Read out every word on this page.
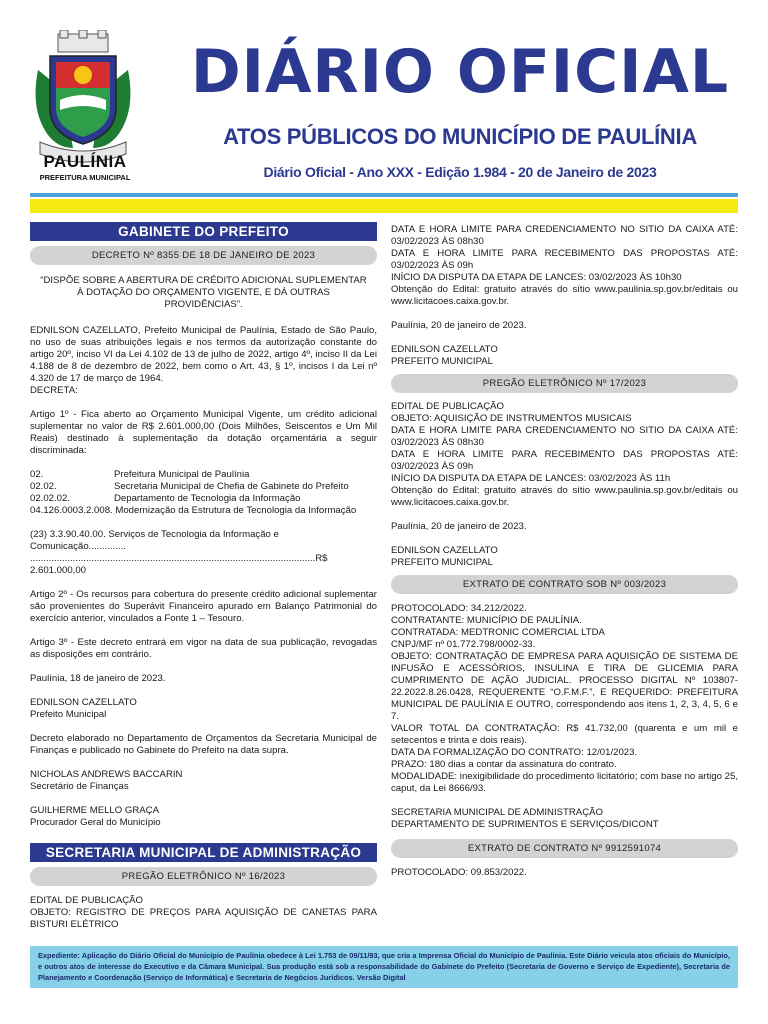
PAULÍNIA
PREFEITURA MUNICIPAL
DIÁRIO OFICIAL
ATOS PÚBLICOS DO MUNICÍPIO DE PAULÍNIA
Diário Oficial - Ano XXX - Edição 1.984 - 20 de Janeiro de 2023
GABINETE DO PREFEITO
DECRETO Nº 8355 DE 18 DE JANEIRO DE 2023

“DISPÕE SOBRE A ABERTURA DE CRÉDITO ADICIONAL SUPLEMENTAR À DOTAÇÃO DO ORÇAMENTO VIGENTE, E DÁ OUTRAS PROVIDÊNCIAS”.

EDNILSON CAZELLATO, Prefeito Municipal de Paulínia, Estado de São Paulo, no uso de suas atribuições legais e nos termos da autorização constante do artigo 20º, inciso VI da Lei 4.102 de 13 de julho de 2022, artigo 4º, inciso II da Lei 4.188 de 8 de dezembro de 2022, bem como o Art. 43, § 1º, incisos I da Lei nº 4.320 de 17 de março de 1964.

DECRETA:

Artigo 1º - Fica aberto ao Orçamento Municipal Vigente, um crédito adicional suplementar no valor de R$ 2.601.000,00 (Dois Milhões, Seiscentos e Um Mil Reais) destinado à suplementação da dotação orçamentária a seguir discriminada:

02.	Prefeitura Municipal de Paulínia
02.02.	Secretaria Municipal de Chefia de Gabinete do Prefeito
02.02.02.	Departamento de Tecnologia da Informação
04.126.0003.2.008. Modernização da Estrutura de Tecnologia da Informação
(23) 3.3.90.40.00. Serviços de Tecnologia da Informação e Comunicação..............
...........................................................................................................R$ 2.601.000,00

Artigo 2º - Os recursos para cobertura do presente crédito adicional suplementar são provenientes do Superávit Financeiro apurado em Balanço Patrimonial do exercício anterior, vinculados a Fonte 1 – Tesouro.

Artigo 3º - Este decreto entrará em vigor na data de sua publicação, revogadas as disposições em contrário.

Paulínia, 18 de janeiro de 2023.

EDNILSON CAZELLATO
Prefeito Municipal

Decreto elaborado no Departamento de Orçamentos da Secretaria Municipal de Finanças e publicado no Gabinete do Prefeito na data supra.

NICHOLAS ANDREWS BACCARIN
Secretário de Finanças
GUILHERME MELLO GRAÇA
Procurador Geral do Município
SECRETARIA MUNICIPAL DE ADMINISTRAÇÃO
PREGÃO ELETRÔNICO Nº 16/2023
EDITAL DE PUBLICAÇÃO
OBJETO: REGISTRO DE PREÇOS PARA AQUISIÇÃO DE CANETAS PARA BISTURI ELÉTRICO
DATA E HORA LIMITE PARA CREDENCIAMENTO NO SITIO DA CAIXA ATÉ: 03/02/2023 ÀS 08h30
DATA E HORA LIMITE PARA RECEBIMENTO DAS PROPOSTAS ATÉ: 03/02/2023 ÀS 09h
INÍCIO DA DISPUTA DA ETAPA DE LANCES: 03/02/2023 ÀS 10h30
Obtenção do Edital: gratuito através do sítio www.paulinia.sp.gov.br/editais ou www.licitacoes.caixa.gov.br.
Paulínia, 20 de janeiro de 2023.
EDNILSON CAZELLATO
PREFEITO MUNICIPAL
PREGÃO ELETRÔNICO Nº 17/2023
EDITAL DE PUBLICAÇÃO
OBJETO: AQUISIÇÃO DE INSTRUMENTOS MUSICAIS
DATA E HORA LIMITE PARA CREDENCIAMENTO NO SITIO DA CAIXA ATÉ: 03/02/2023 ÀS 08h30
DATA E HORA LIMITE PARA RECEBIMENTO DAS PROPOSTAS ATÉ: 03/02/2023 ÀS 09h
INÍCIO DA DISPUTA DA ETAPA DE LANCES: 03/02/2023 ÀS 11h
Obtenção do Edital: gratuito através do sítio www.paulinia.sp.gov.br/editais ou www.licitacoes.caixa.gov.br.
Paulínia, 20 de janeiro de 2023.
EDNILSON CAZELLATO
PREFEITO MUNICIPAL
EXTRATO DE CONTRATO SOB Nº 003/2023
PROTOCOLADO: 34.212/2022.
CONTRATANTE: MUNICÍPIO DE PAULÍNIA.
CONTRATADA: MEDTRONIC COMERCIAL LTDA
CNPJ/MF nº 01.772.798/0002-33.
OBJETO: CONTRATAÇÃO DE EMPRESA PARA AQUISIÇÃO DE SISTEMA DE INFUSÃO E ACESSÓRIOS, INSULINA E TIRA DE GLICEMIA PARA CUMPRIMENTO DE AÇÃO JUDICIAL. PROCESSO DIGITAL Nº 103807-22.2022.8.26.0428, REQUERENTE “O.F.M.F.”, E REQUERIDO: PREFEITURA MUNICIPAL DE PAULÍNIA E OUTRO, correspondendo aos itens 1, 2, 3, 4, 5, 6 e 7.
VALOR TOTAL DA CONTRATAÇÃO: R$ 41.732,00 (quarenta e um mil e setecentos e trinta e dois reais).
DATA DA FORMALIZAÇÃO DO CONTRATO: 12/01/2023.
PRAZO: 180 dias a contar da assinatura do contrato.
MODALIDADE: inexigibilidade do procedimento licitatório; com base no artigo 25, caput, da Lei 8666/93.
SECRETARIA MUNICIPAL DE ADMINISTRAÇÃO
DEPARTAMENTO DE SUPRIMENTOS E SERVIÇOS/DICONT
EXTRATO DE CONTRATO Nº 9912591074
PROTOCOLADO: 09.853/2022.
Expediente: Aplicação do Diário Oficial do Município de Paulínia obedece à Lei 1.753 de 09/11/93, que cria a Imprensa Oficial do Município de Paulínia. Este Diário veicula atos oficiais do Município, e outros atos de interesse do Executivo e da Câmara Municipal. Sua produção está sob a responsabilidade do Gabinete do Prefeito (Secretaria de Governo e Serviço de Expediente), Secretaria de Planejamento e Coordenação (Serviço de Informática) e Secretaria de Negócios Jurídicos. Versão Digital
